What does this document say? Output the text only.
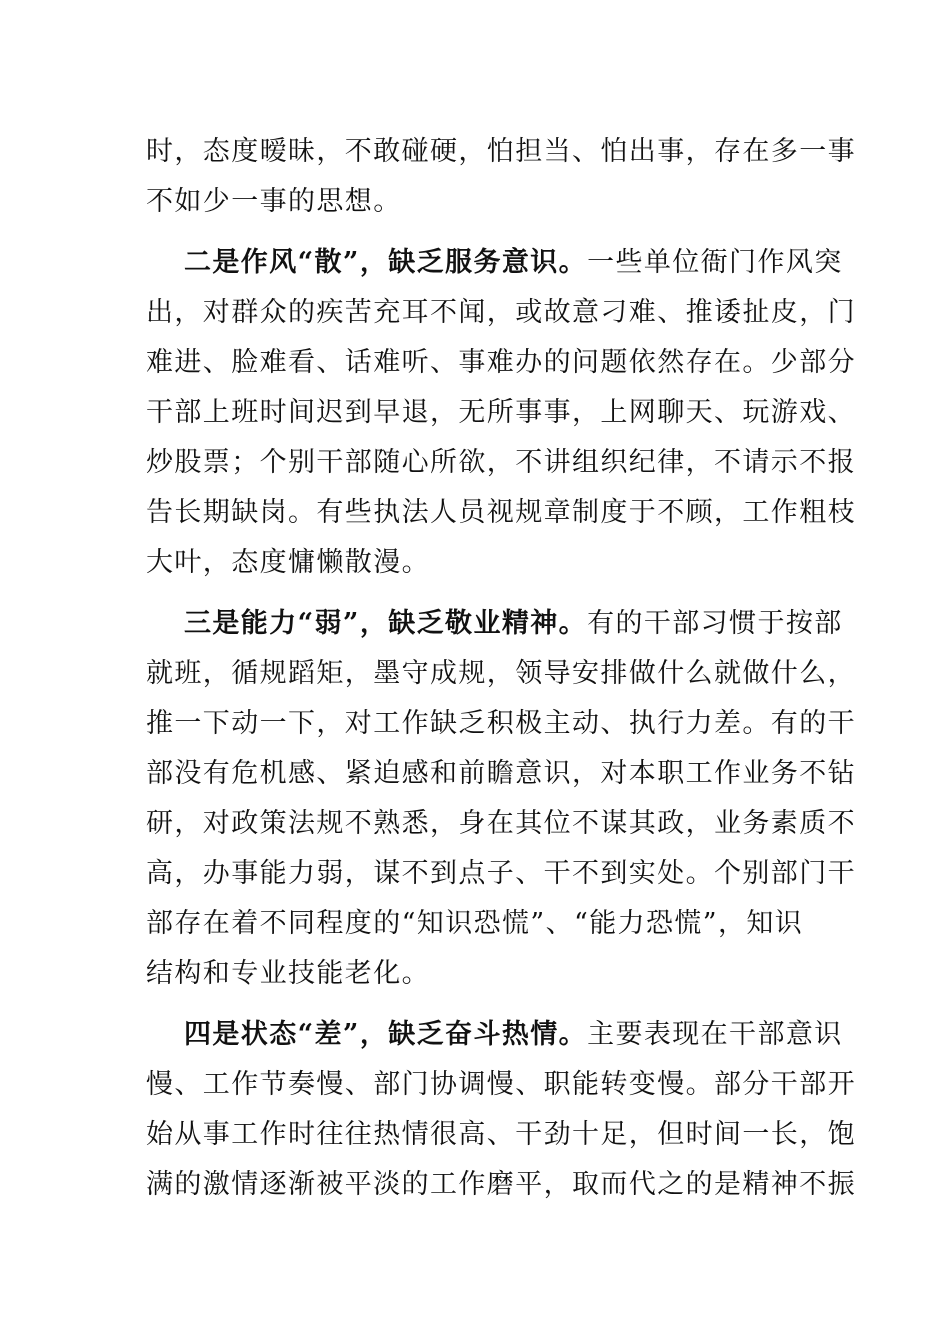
时，态度暧昧，不敢碰硬，怕担当、怕出事，存在多一事
不如少一事的思想。
二是作风“散”，缺乏服务意识。一些单位衙门作风突
出，对群众的疾苦充耳不闻，或故意刁难、推诿扯皮，门
难进、脸难看、话难听、事难办的问题依然存在。少部分
干部上班时间迟到早退，无所事事，上网聊天、玩游戏、
炒股票；个别干部随心所欲，不讲组织纪律，不请示不报
告长期缺岗。有些执法人员视规章制度于不顾，工作粗枝
大叶，态度慵懒散漫。
三是能力“弱”，缺乏敬业精神。有的干部习惯于按部
就班，循规蹈矩，墨守成规，领导安排做什么就做什么，
推一下动一下，对工作缺乏积极主动、执行力差。有的干
部没有危机感、紧迫感和前瞻意识，对本职工作业务不钻
研，对政策法规不熟悉，身在其位不谋其政，业务素质不
高，办事能力弱，谋不到点子、干不到实处。个别部门干
部存在着不同程度的“知识恐慌”、“能力恐慌”，知识
结构和专业技能老化。
四是状态“差”，缺乏奋斗热情。主要表现在干部意识
慢、工作节奏慢、部门协调慢、职能转变慢。部分干部开
始从事工作时往往热情很高、干劲十足，但时间一长，饱
满的激情逐渐被平淡的工作磨平，取而代之的是精神不振
